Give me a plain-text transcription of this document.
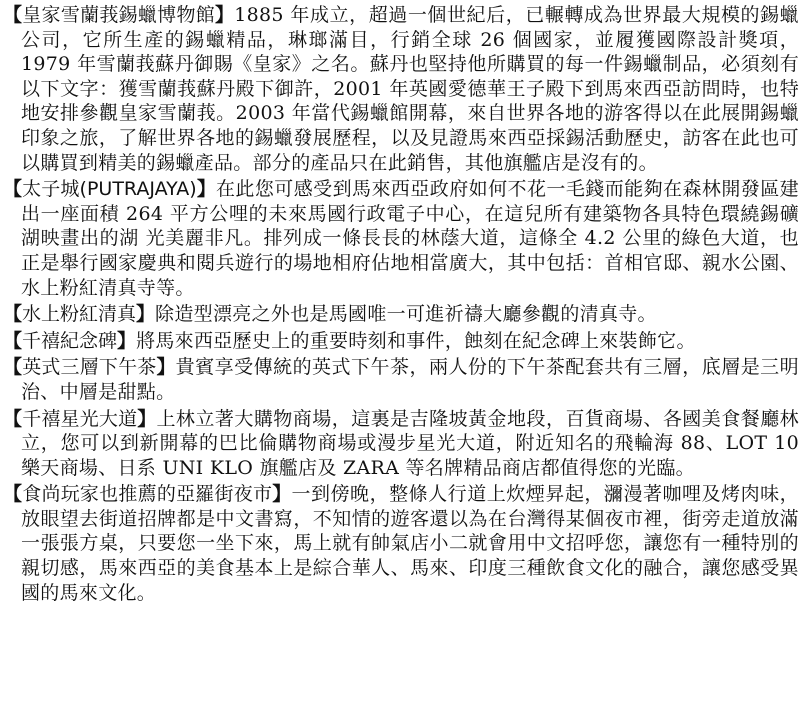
【皇家雪蘭莪錫蠟博物館】1885 年成立，超過一個世紀后，已輾轉成為世界最大規模的錫蠟公司，它所生產的錫蠟精品，琳瑯滿目，行銷全球 26 個國家，並履獲國際設計獎項，1979 年雪蘭莪蘇丹御賜《皇家》之名。蘇丹也堅持他所購買的每一件錫蠟制品，必須刻有以下文字：獲雪蘭莪蘇丹殿下御許，2001 年英國愛德華王子殿下到馬來西亞訪問時，也特地安排參觀皇家雪蘭莪。2003 年當代錫蠟館開幕，來自世界各地的游客得以在此展開錫蠟印象之旅，了解世界各地的錫蠟發展歷程，以及見證馬來西亞採錫活動歷史，訪客在此也可以購買到精美的錫蠟產品。部分的產品只在此銷售，其他旗艦店是沒有的。

【太子城(PUTRAJAYA)】在此您可感受到馬來西亞政府如何不花一毛錢而能夠在森林開發區建出一座面積 264 平方公哩的未來馬國行政電子中心，在這兒所有建築物各具特色環繞錫礦湖映畫出的湖 光美麗非凡。排列成一條長長的林蔭大道，這條全 4.2 公里的綠色大道，也正是舉行國家慶典和閱兵遊行的場地相府佔地相當廣大，其中包括：首相官邸、親水公園、水上粉紅清真寺等。

【水上粉紅清真】除造型漂亮之外也是馬國唯一可進祈禱大廳參觀的清真寺。

【千禧紀念碑】將馬來西亞歷史上的重要時刻和事件，蝕刻在紀念碑上來裝飾它。

【英式三層下午茶】貴賓享受傳統的英式下午茶，兩人份的下午茶配套共有三層，底層是三明治、中層是甜點。

【千禧星光大道】上林立著大購物商場，這裏是吉隆坡黃金地段，百貨商場、各國美食餐廳林立，您可以到新開幕的巴比倫購物商場或漫步星光大道，附近知名的飛輪海 88、LOT 10 樂天商場、日系 UNI KLO 旗艦店及 ZARA 等名牌精品商店都值得您的光臨。

【食尚玩家也推薦的亞羅街夜市】一到傍晚，整條人行道上炊煙昇起，瀰漫著咖哩及烤肉味，放眼望去街道招牌都是中文書寫，不知情的遊客還以為在台灣得某個夜市裡，街旁走道放滿一張張方桌，只要您一坐下來，馬上就有帥氣店小二就會用中文招呼您，讓您有一種特別的親切感，馬來西亞的美食基本上是綜合華人、馬來、印度三種飲食文化的融合，讓您感受異國的馬來文化。
